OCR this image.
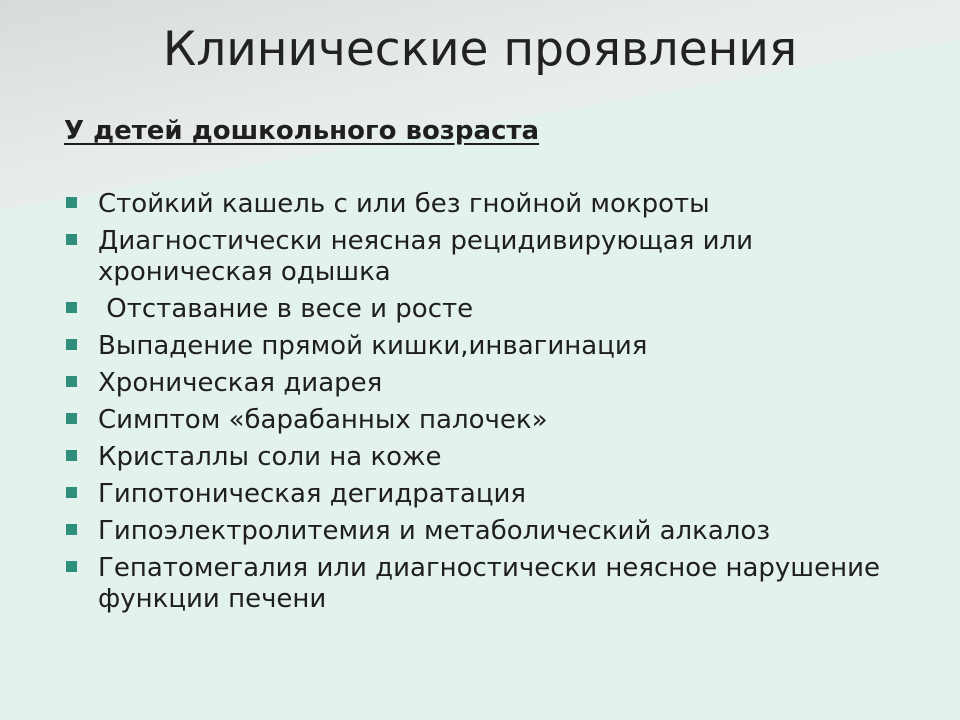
Клинические проявления
У детей дошкольного возраста
Стойкий кашель с или без гнойной мокроты
Диагностически неясная рецидивирующая или хроническая одышка
Отставание в весе и росте
Выпадение прямой кишки,инвагинация
Хроническая диарея
Симптом «барабанных палочек»
Кристаллы соли на коже
Гипотоническая дегидратация
Гипоэлектролитемия и метаболический алкалоз
Гепатомегалия или диагностически неясное нарушение функции печени
